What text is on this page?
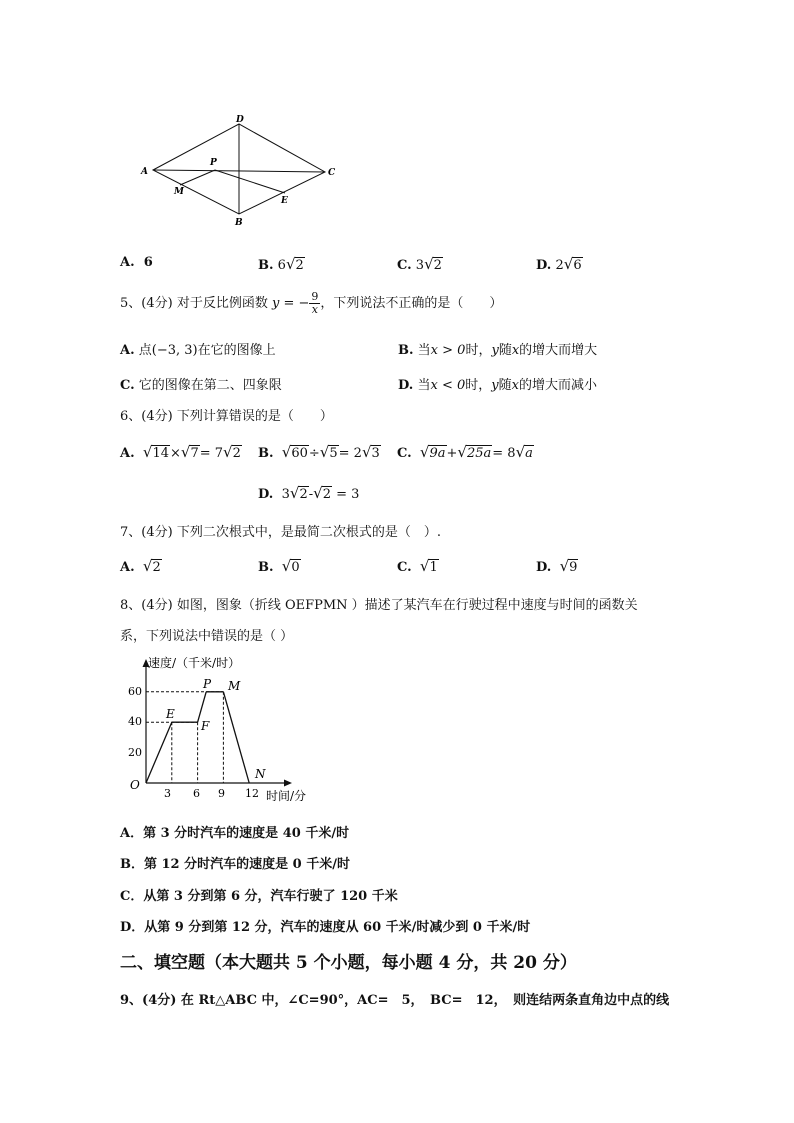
D
A
P
C
M
E
B
A. 6	B. 6√2	C. 3√2	D. 2√6
5、(4分) 对于反比例函数 y = − $\frac{9}{x}$ ，下列说法不正确的是（　　）
A. 点(−3, 3)在它的图像上	B. 当x > 0时，y随x的增大而增大
C. 它的图像在第二、四象限	D. 当x < 0时，y随x的增大而减小
6、(4分) 下列计算错误的是（　　）
A. √14×√7= 7√2 B. √60÷√5= 2√3 C. √9a+√25a= 8√a
D. 3√2-√2 = 3
7、(4分) 下列二次根式中，是最简二次根式的是（　）.
A. √2	B. √0	C. √1	D. √9
8、(4分) 如图，图象（折线 OEFPMN ）描述了某汽车在行驶过程中速度与时间的函数关
系，下列说法中错误的是（ ）
速度/（千米/时）
时间/分
O
60
40
20
3 6 9 12
E
F
P M
N
A．第 3 分时汽车的速度是 40 千米/时
B．第 12 分时汽车的速度是 0 千米/时
C．从第 3 分到第 6 分，汽车行驶了 120 千米
D．从第 9 分到第 12 分，汽车的速度从 60 千米/时减少到 0 千米/时
二、填空题（本大题共 5 个小题，每小题 4 分，共 20 分）
9、(4分) 在 Rt△ABC 中，∠C=90°，AC=　5，　BC=　12，　则连结两条直角边中点的线
